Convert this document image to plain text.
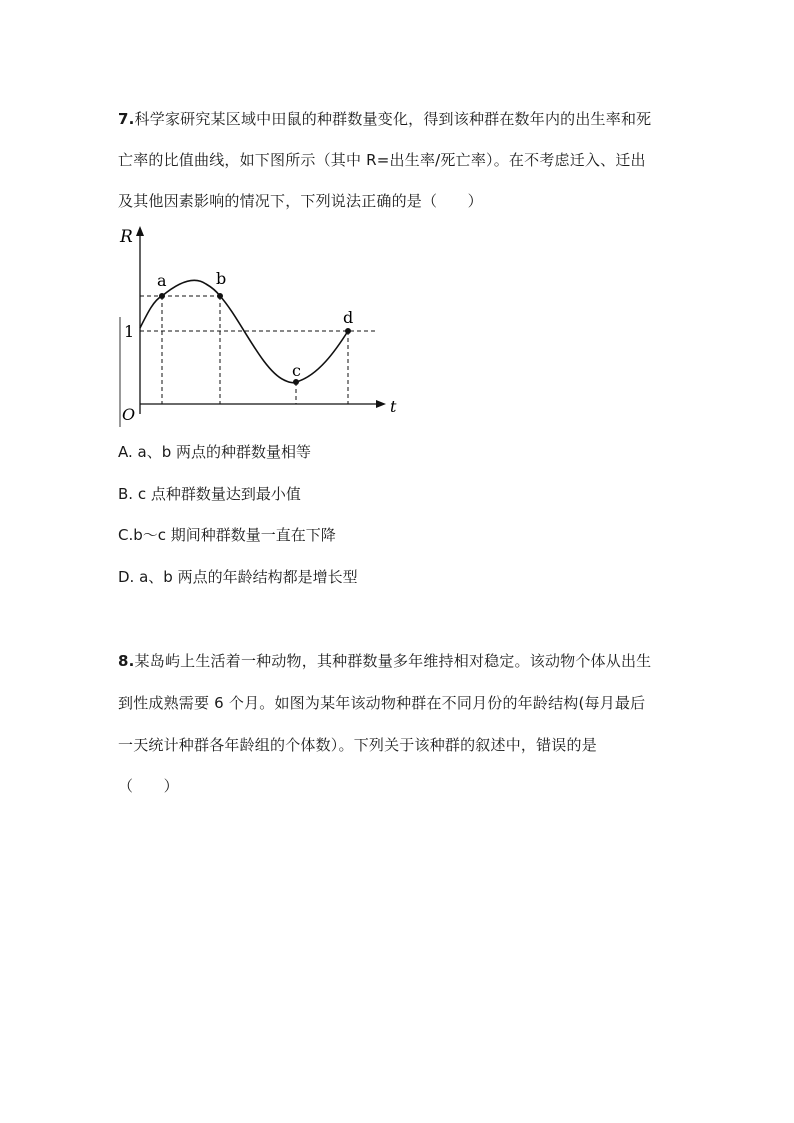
7.科学家研究某区域中田鼠的种群数量变化，得到该种群在数年内的出生率和死
亡率的比值曲线，如下图所示（其中 R=出生率/死亡率）。在不考虑迁入、迁出
及其他因素影响的情况下，下列说法正确的是（　　）
R
t
O
1
a	b
c
d
A. a、b 两点的种群数量相等
B. c 点种群数量达到最小值
C.b～c 期间种群数量一直在下降
D. a、b 两点的年龄结构都是增长型
8.某岛屿上生活着一种动物，其种群数量多年维持相对稳定。该动物个体从出生
到性成熟需要 6 个月。如图为某年该动物种群在不同月份的年龄结构(每月最后
一天统计种群各年龄组的个体数）。下列关于该种群的叙述中，错误的是
（　　）
